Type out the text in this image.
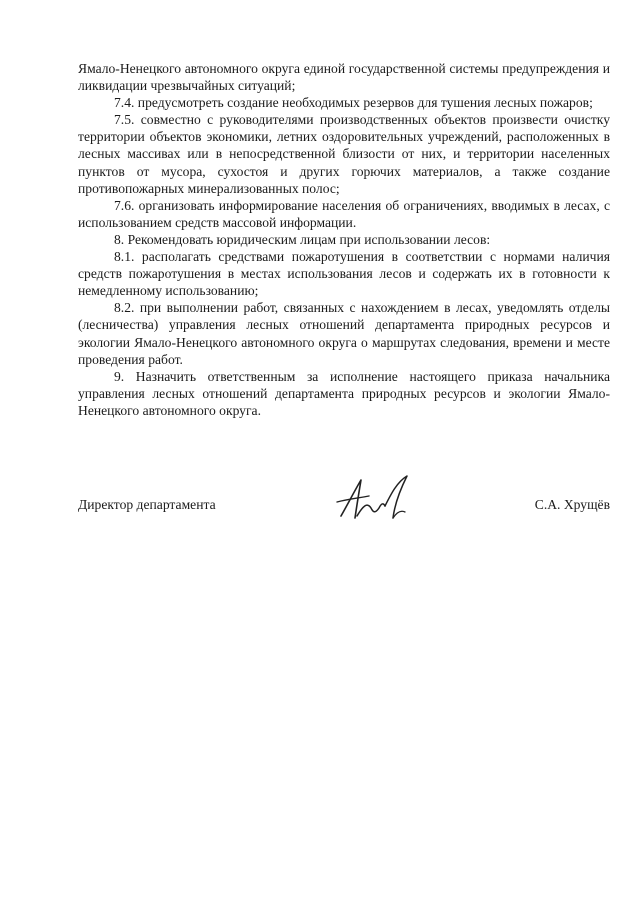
Ямало-Ненецкого автономного округа единой государственной системы предупреждения и ликвидации чрезвычайных ситуаций;

7.4. предусмотреть создание необходимых резервов для тушения лесных пожаров;

7.5. совместно с руководителями производственных объектов произвести очистку территории объектов экономики, летних оздоровительных учреждений, расположенных в лесных массивах или в непосредственной близости от них, и территории населенных пунктов от мусора, сухостоя и других горючих материалов, а также создание противопожарных минерализованных полос;

7.6. организовать информирование населения об ограничениях, вводимых в лесах, с использованием средств массовой информации.

8. Рекомендовать юридическим лицам при использовании лесов:

8.1. располагать средствами пожаротушения в соответствии с нормами наличия средств пожаротушения в местах использования лесов и содержать их в готовности к немедленному использованию;

8.2. при выполнении работ, связанных с нахождением в лесах, уведомлять отделы (лесничества) управления лесных отношений департамента природных ресурсов и экологии Ямало-Ненецкого автономного округа о маршрутах следования, времени и месте проведения работ.

9. Назначить ответственным за исполнение настоящего приказа начальника управления лесных отношений департамента природных ресурсов и экологии Ямало-Ненецкого автономного округа.

Директор департамента	С.А. Хрущёв
